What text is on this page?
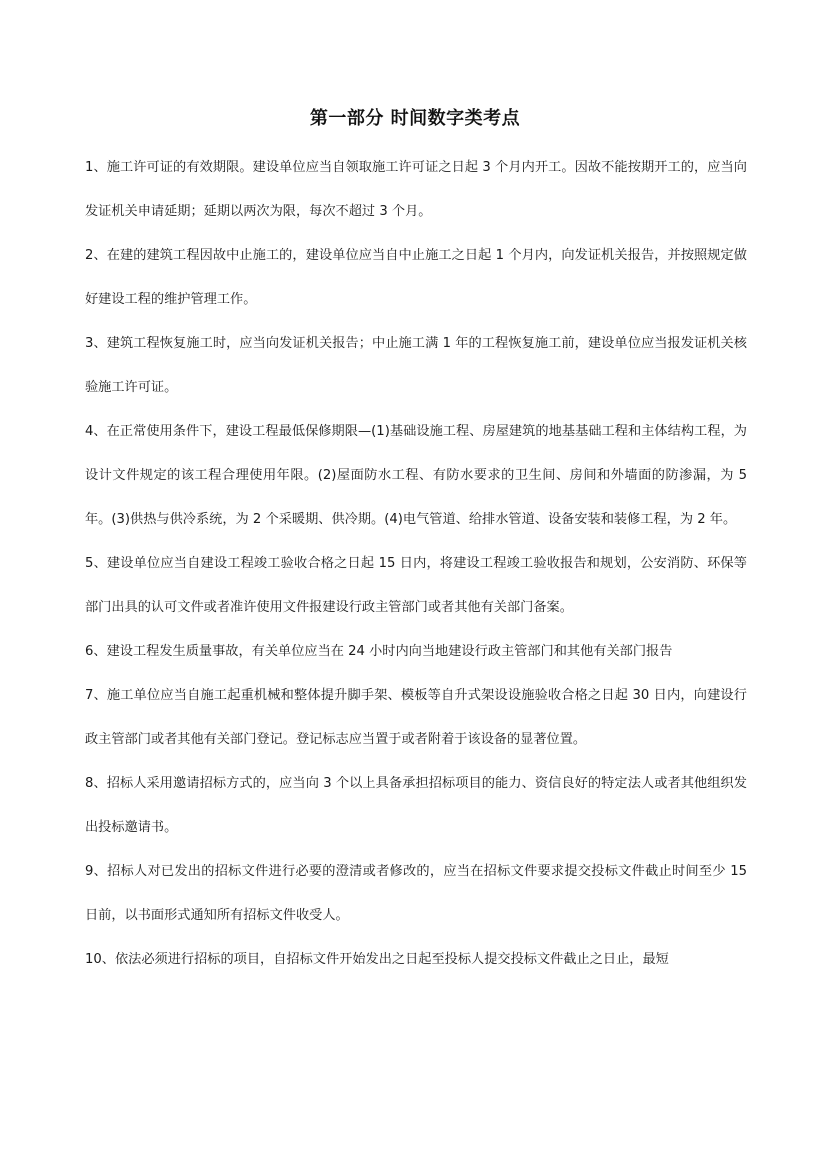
第一部分 时间数字类考点

1、施工许可证的有效期限。建设单位应当自领取施工许可证之日起 3 个月内开工。因故不能按期开工的，应当向发证机关申请延期；延期以两次为限，每次不超过 3 个月。

2、在建的建筑工程因故中止施工的，建设单位应当自中止施工之日起 1 个月内，向发证机关报告，并按照规定做好建设工程的维护管理工作。

3、建筑工程恢复施工时，应当向发证机关报告；中止施工满 1 年的工程恢复施工前，建设单位应当报发证机关核验施工许可证。

4、在正常使用条件下，建设工程最低保修期限—(1)基础设施工程、房屋建筑的地基基础工程和主体结构工程，为设计文件规定的该工程合理使用年限。(2)屋面防水工程、有防水要求的卫生间、房间和外墙面的防渗漏，为 5 年。(3)供热与供冷系统，为 2 个采暖期、供冷期。(4)电气管道、给排水管道、设备安装和装修工程，为 2 年。

5、建设单位应当自建设工程竣工验收合格之日起 15 日内，将建设工程竣工验收报告和规划，公安消防、环保等部门出具的认可文件或者准许使用文件报建设行政主管部门或者其他有关部门备案。

6、建设工程发生质量事故，有关单位应当在 24 小时内向当地建设行政主管部门和其他有关部门报告

7、施工单位应当自施工起重机械和整体提升脚手架、模板等自升式架设设施验收合格之日起 30 日内，向建设行政主管部门或者其他有关部门登记。登记标志应当置于或者附着于该设备的显著位置。

8、招标人采用邀请招标方式的，应当向 3 个以上具备承担招标项目的能力、资信良好的特定法人或者其他组织发出投标邀请书。

9、招标人对已发出的招标文件进行必要的澄清或者修改的，应当在招标文件要求提交投标文件截止时间至少 15 日前，以书面形式通知所有招标文件收受人。

10、依法必须进行招标的项目，自招标文件开始发出之日起至投标人提交投标文件截止之日止，最短
